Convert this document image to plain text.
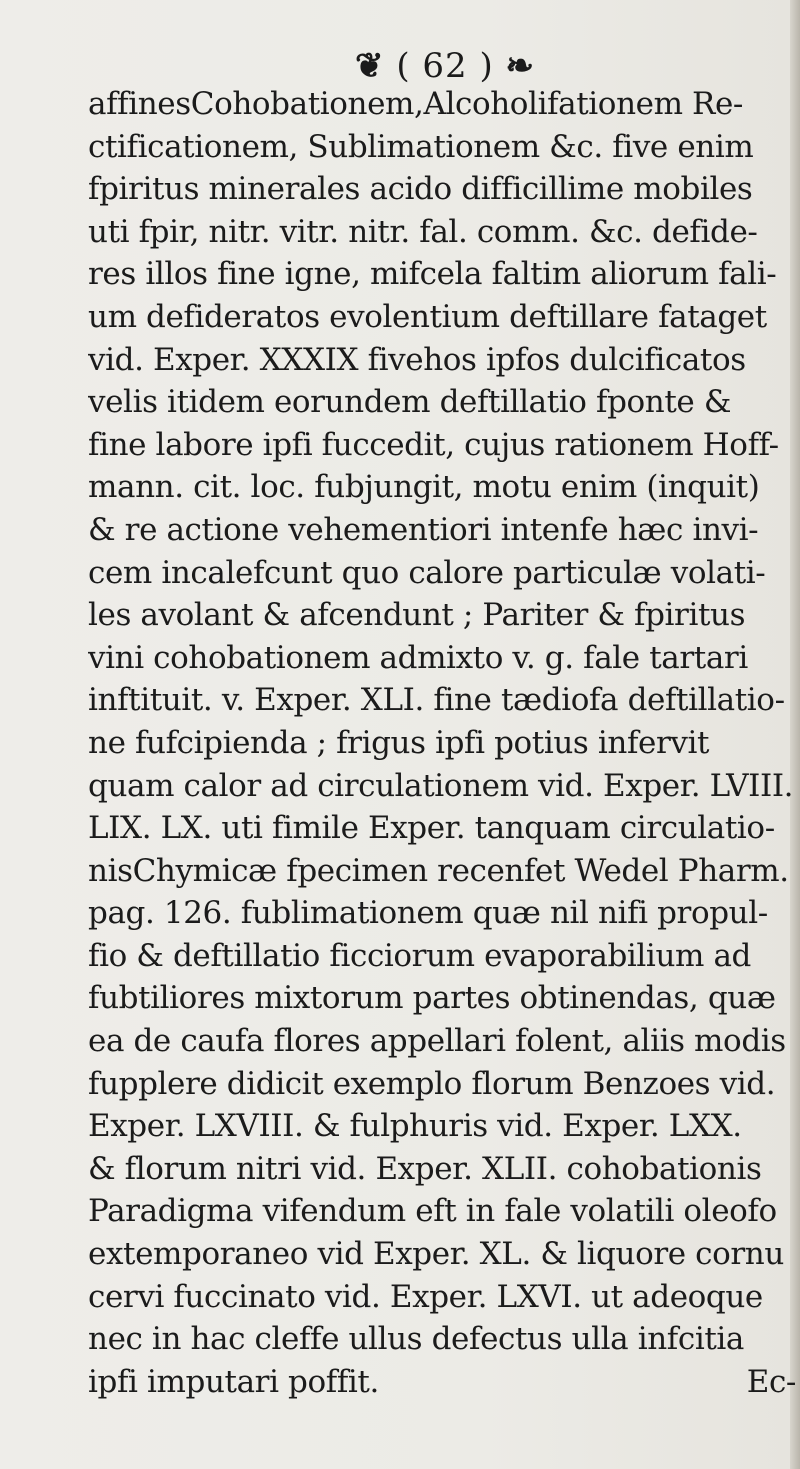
❦ ( 62 ) ❧
affinesCohobationem,Alcoholifationem Re-
ctificationem, Sublimationem &c. five enim
fpiritus minerales acido difficillime mobiles
uti fpir, nitr. vitr. nitr. fal. comm. &c. defide-
res illos fine igne, mifcela faltim aliorum fali-
um defideratos evolentium deftillare fataget
vid. Exper. XXXIX fivehos ipfos dulcificatos
velis itidem eorundem deftillatio fponte &
fine labore ipfi fuccedit, cujus rationem Hoff-
mann. cit. loc. fubjungit, motu enim (inquit)
& re actione vehementiori intenfe hæc invi-
cem incalefcunt quo calore particulæ volati-
les avolant & afcendunt ; Pariter & fpiritus
vini cohobationem admixto v. g. fale tartari
inftituit. v. Exper. XLI. fine tædiofa deftillatio-
ne fufcipienda ; frigus ipfi potius infervit
quam calor ad circulationem vid. Exper. LVIII.
LIX. LX. uti fimile Exper. tanquam circulatio-
nisChymicæ fpecimen recenfet Wedel Pharm.
pag. 126. fublimationem quæ nil nifi propul-
fio & deftillatio ficciorum evaporabilium ad
fubtiliores mixtorum partes obtinendas, quæ
ea de caufa flores appellari folent, aliis modis
fupplere didicit exemplo florum Benzoes vid.
Exper. LXVIII. & fulphuris vid. Exper. LXX.
& florum nitri vid. Exper. XLII. cohobationis
Paradigma vifendum eft in fale volatili oleofo
extemporaneo vid Exper. XL. & liquore cornu
cervi fuccinato vid. Exper. LXVI. ut adeoque
nec in hac cleffe ullus defectus ulla infcitia
ipfi imputari poffit.	Ec-
